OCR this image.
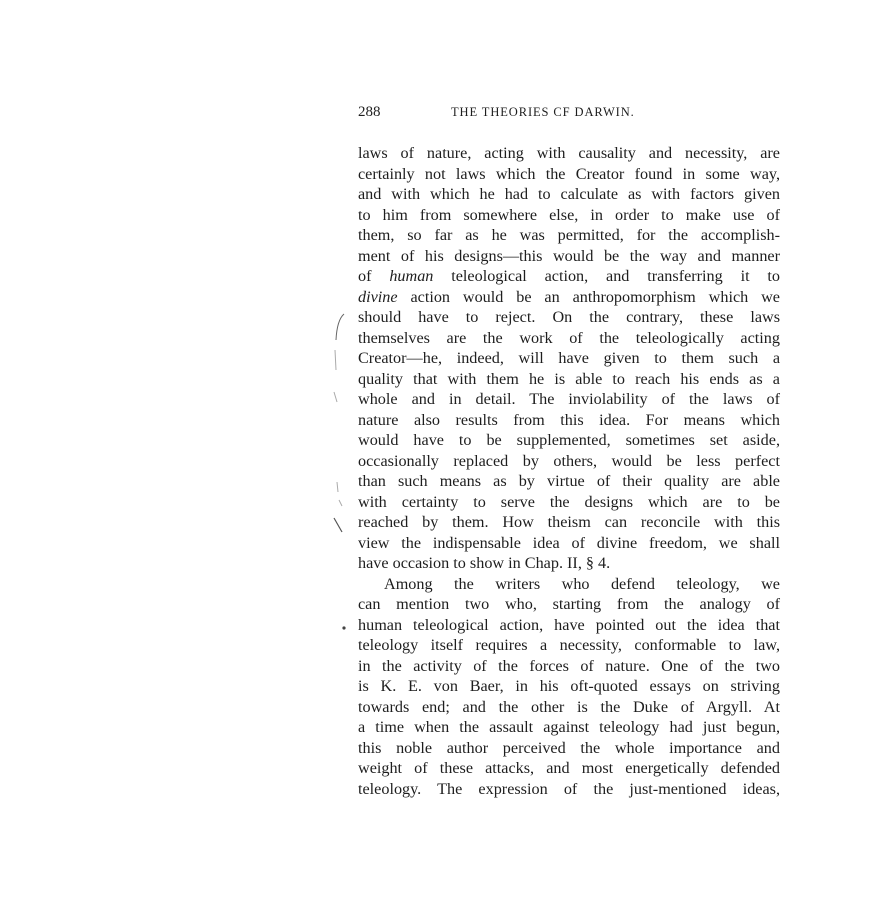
288	THE THEORIES CF DARWIN.
laws of nature, acting with causality and necessity, are
certainly not laws which the Creator found in some way,
and with which he had to calculate as with factors given
to him from somewhere else, in order to make use of
them, so far as he was permitted, for the accomplish-
ment of his designs—this would be the way and manner
of human teleological action, and transferring it to
divine action would be an anthropomorphism which we
should have to reject. On the contrary, these laws
themselves are the work of the teleologically acting
Creator—he, indeed, will have given to them such a
quality that with them he is able to reach his ends as a
whole and in detail. The inviolability of the laws of
nature also results from this idea. For means which
would have to be supplemented, sometimes set aside,
occasionally replaced by others, would be less perfect
than such means as by virtue of their quality are able
with certainty to serve the designs which are to be
reached by them. How theism can reconcile with this
view the indispensable idea of divine freedom, we shall
have occasion to show in Chap. II, § 4.
Among the writers who defend teleology, we
can mention two who, starting from the analogy of
human teleological action, have pointed out the idea that
teleology itself requires a necessity, conformable to law,
in the activity of the forces of nature. One of the two
is K. E. von Baer, in his oft-quoted essays on striving
towards end; and the other is the Duke of Argyll. At
a time when the assault against teleology had just begun,
this noble author perceived the whole importance and
weight of these attacks, and most energetically defended
teleology. The expression of the just-mentioned ideas,
